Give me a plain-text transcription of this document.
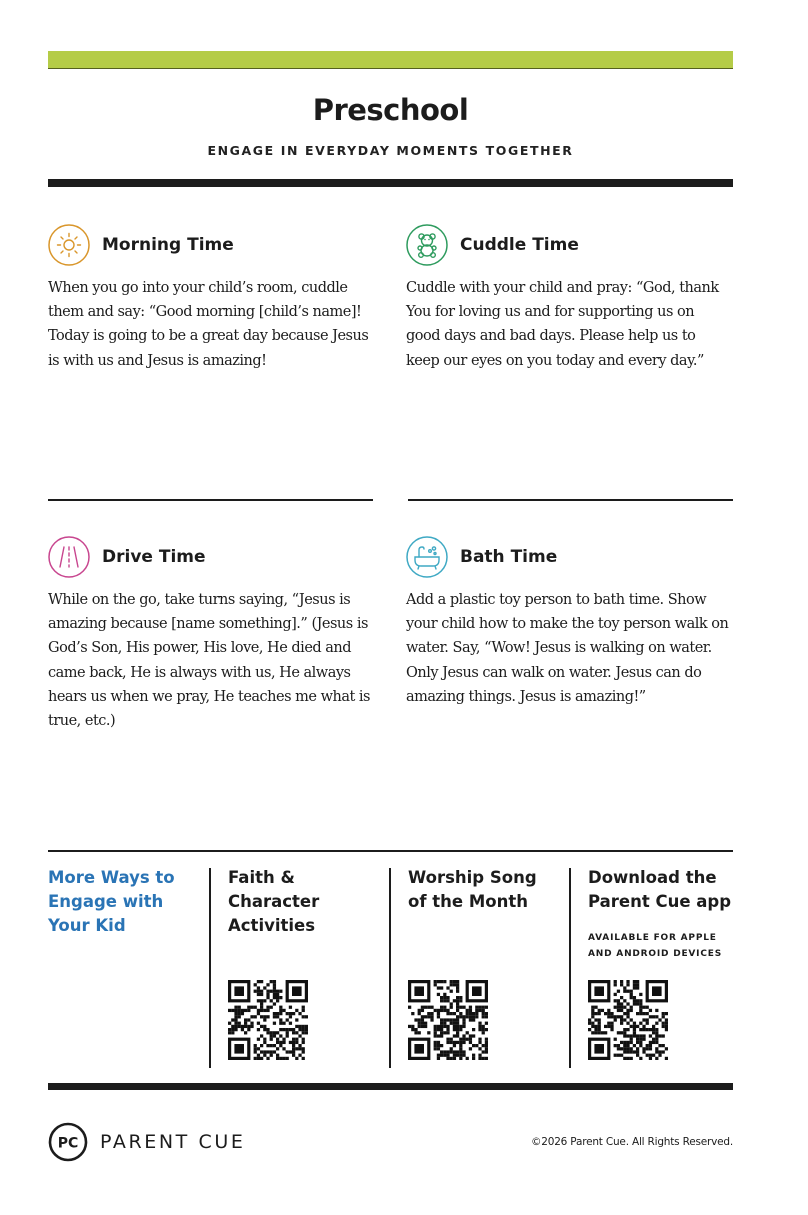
Preschool
ENGAGE IN EVERYDAY MOMENTS TOGETHER
Morning Time
When you go into your child’s room, cuddle them and say: “Good morning [child’s name]! Today is going to be a great day because Jesus is with us and Jesus is amazing!
Cuddle Time
Cuddle with your child and pray: “God, thank You for loving us and for supporting us on good days and bad days. Please help us to keep our eyes on you today and every day.”
Drive Time
While on the go, take turns saying, “Jesus is amazing because [name something].” (Jesus is God’s Son, His power, His love, He died and came back, He is always with us, He always hears us when we pray, He teaches me what is true, etc.)
Bath Time
Add a plastic toy person to bath time. Show your child how to make the toy person walk on water. Say, “Wow! Jesus is walking on water. Only Jesus can walk on water. Jesus can do amazing things. Jesus is amazing!”
More Ways to Engage with Your Kid
Faith & Character Activities
Worship Song of the Month
Download the Parent Cue app
AVAILABLE FOR APPLE AND ANDROID DEVICES
PC PARENT CUE	©2026 Parent Cue. All Rights Reserved.
